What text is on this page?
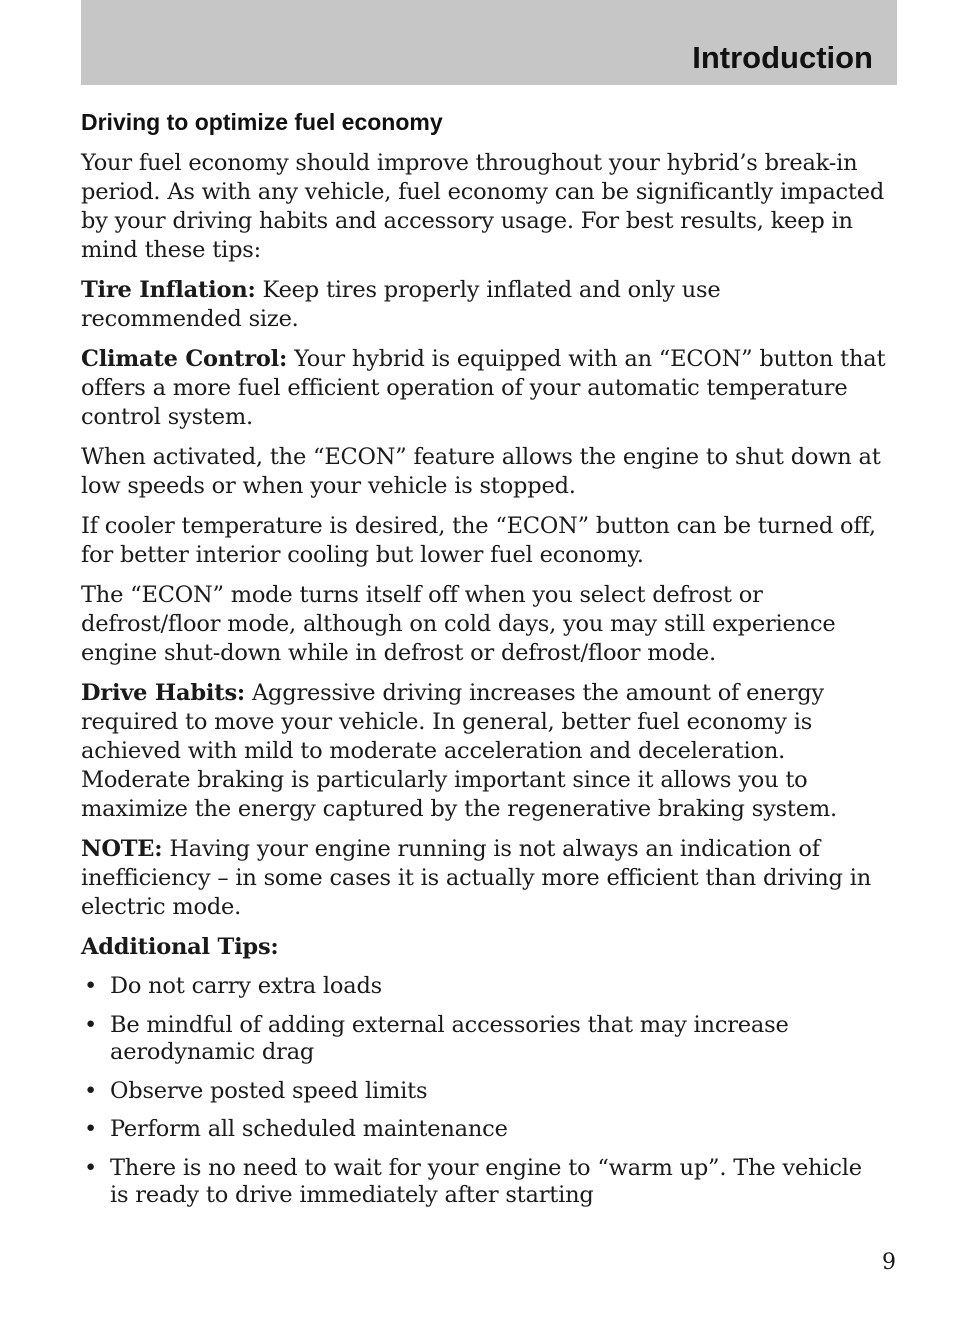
Introduction
Driving to optimize fuel economy

Your fuel economy should improve throughout your hybrid’s break-in period. As with any vehicle, fuel economy can be significantly impacted by your driving habits and accessory usage. For best results, keep in mind these tips:

Tire Inflation: Keep tires properly inflated and only use recommended size.

Climate Control: Your hybrid is equipped with an “ECON” button that offers a more fuel efficient operation of your automatic temperature control system.

When activated, the “ECON” feature allows the engine to shut down at low speeds or when your vehicle is stopped.

If cooler temperature is desired, the “ECON” button can be turned off, for better interior cooling but lower fuel economy.

The “ECON” mode turns itself off when you select defrost or defrost/floor mode, although on cold days, you may still experience engine shut-down while in defrost or defrost/floor mode.

Drive Habits: Aggressive driving increases the amount of energy required to move your vehicle. In general, better fuel economy is achieved with mild to moderate acceleration and deceleration. Moderate braking is particularly important since it allows you to maximize the energy captured by the regenerative braking system.

NOTE: Having your engine running is not always an indication of inefficiency – in some cases it is actually more efficient than driving in electric mode.

Additional Tips:

• Do not carry extra loads
• Be mindful of adding external accessories that may increase aerodynamic drag
• Observe posted speed limits
• Perform all scheduled maintenance
• There is no need to wait for your engine to “warm up”. The vehicle is ready to drive immediately after starting
9
